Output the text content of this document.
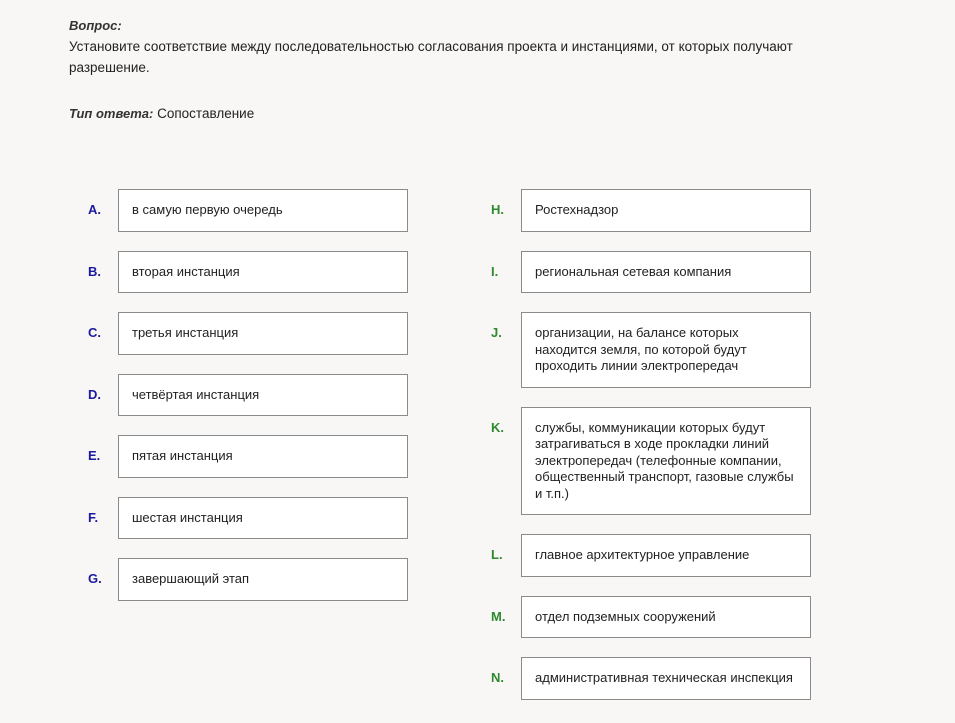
Вопрос:
Установите соответствие между последовательностью согласования проекта и инстанциями, от которых получают разрешение.
Тип ответа: Сопоставление
A.	в самую первую очередь
B.	вторая инстанция
C.	третья инстанция
D.	четвёртая инстанция
E.	пятая инстанция
F.	шестая инстанция
G.	завершающий этап
H.	Ростехнадзор
I.	региональная сетевая компания
J.	организации, на балансе которых находится земля, по которой будут проходить линии электропередач
K.	службы, коммуникации которых будут затрагиваться в ходе прокладки линий электропередач (телефонные компании, общественный транспорт, газовые службы и т.п.)
L.	главное архитектурное управление
M.	отдел подземных сооружений
N.	административная техническая инспекция
